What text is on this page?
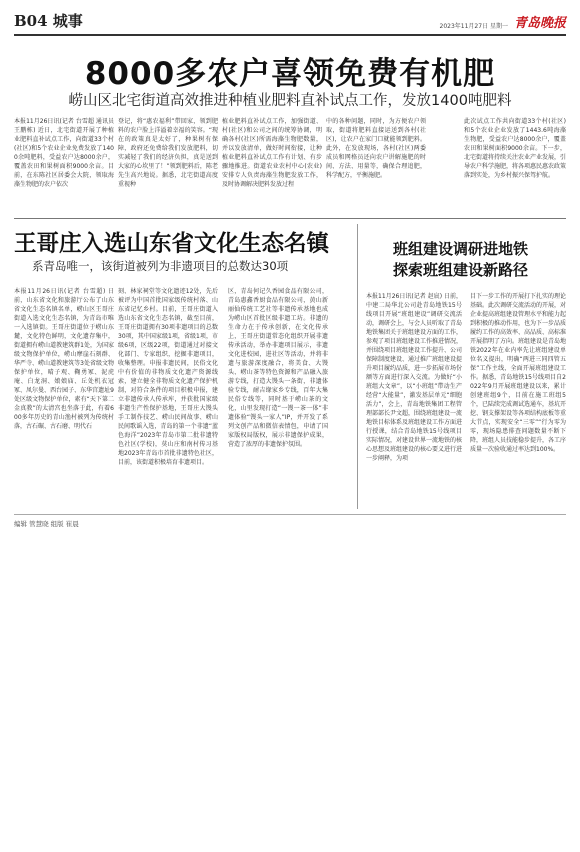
B04 城事	2023年11月27日 星期一 青岛晚报
8000多农户喜领免费有机肥
崂山区北宅街道高效推进种植业肥料直补试点工作，发放1400吨肥料
本报11月26日讯(记者 台雪超 通讯员 王鹏栋) 近日，北宅街道开展了种植业肥料直补试点工作，向街道33个村(社区)和5个农业企业免费发放了1400余吨肥料，受益农户达8000余户，覆盖农田和果树面积9000余亩。目前，在东陈社区居委会大院，领取海藻生物肥的农户依次
登记，将“惠农福利”带回家，领到肥料的农户脸上洋溢着幸福的笑容。“现在的政策真是太好了，种果树有保障，政府还免费给我们发放肥料，切实减轻了我们的经济负担，真是送到大家的心坎里了！”领到肥料后，陈老先生高兴地说。据悉，北宅街道高度重视种
植业肥料直补试点工作，加强街道、村(社区)和公司之间的统筹协调，明确各村(社区)所需海藻生物肥数量，并以发放清单，做好时间衔接，让种植业肥料直补试点工作有计划、有步骤地推进。街道农业农村中心(农业)安排专人负责海藻生物肥发放工作，及时协调解决肥料发放过程
中的各种问题，同时，为方便农户领取，街道将肥料直接运送到各村(社区)，让农户在家门口就能领到肥料。此外，在发放现场，各村(社区)两委成员和网格员还向农户讲解施肥的时间、方法、用量等，确保合理追肥，科学配方，平衡施肥。
此次试点工作共向街道33个村(社区)和5个农业企业发放了1443.6吨海藻生物肥，受益农户达8000余户，覆盖农田和果树面积9000余亩。下一步，北宅街道将持续关注农业产业发展，引导农户科学施肥，将各项惠民惠农政策落到实处，为乡村振兴保驾护航。
王哥庄入选山东省文化生态名镇
系青岛唯一，该街道被列为非遗项目的总数达30项
本报11月26日讯(记者 台雪超) 日前，山东省文化和旅游厅公布了山东省文化生态名镇名单，崂山区王哥庄街道入选文化生态名镇，为青岛市唯一入选镇街。王哥庄街道位于崂山东麓，文化特色鲜明，文化遗存集中，街道拥有崂山道教建筑群1处，为国家级文物保护单位，崂山摩崖石刻群、华严寺、崂山道教建筑等3处省级文物保护单位，晴子观、鞠勇冢、泥虎庵、白龙洞、娘娘庙、丘处机衣冠冢、凤尔曼、西台园子、东华宫遗址9处区级文物保护单位，素有“天下第二金真教”的太清宫也坐落于此，有着600多年历史的青山渔村被列为传统村落，古石碾、古石磨、明代石
刻、林家祠堂等文化遗迹12处，先后被评为中国首批国家级传统村落、山东省记忆乡村。目前，王哥庄街道入选山东省文化生态名镇，截至目前，王哥庄街道拥有30项非遗项目的总数30项，其中国家级1项，省级1项，市级6项，区级22项，街道通过对接文化部门、专家组织，挖掘非遗项目，收集整理。申报非遗民间，民俗文化中有价值的非物质文化遗产资源线索，建立健全非物质文化遗产保护机制，对符合条件的项目积极申报，建立非遗传承人传承库，并获批国家级非遗生产性保护基地，王哥庄大馒头手工制作技艺、崂山民间故事、崂山民间歌谣入选，青岛的第一个非遗“蓝色海洋”2023年青岛市第二批非遗特色社区(学校)，莫山庄和南村传习基地2023年青岛市首批非遗特色社区，目前，该街道积极培育非遗项目。
区，青岛何记久香园食品有限公司，青岛惠鑫香厨食品有限公司，黄山新丽仙传统工艺社等非遗传承基地也成为崂山区首批区级非遗工坊。非遗的生命力在于传承创新，在文化传承上，王哥庄街道常态化组织开展非遗传承活动，举办非遗项目展示，非遗文化进校园，进社区等活动，并将非遗与旅游深度融合，将美食、大馒头、崂山茶等特色资源和产品融入旅游专线，打造大馒头一条街，非遗体验专线，耐吉缘家乡专线，百年大集民俗专线等，同时基于崂山茶的文化，山里发现打造“一馒一茶一体”非遗体验“馒头一家人”IP，并开发了系列文创产品和微信表情包，申请了国家版权局版权，展示非遗保护成果，营造了浓厚的非遗保护氛围。
班组建设调研进地铁
探索班组建设新路径
本报11月26日讯(记者 赵宸) 日前，中建二局华北公司赴青岛地铁15号线项目开展“班组建设”调研交流活动，调研会上，与会人员听取了青岛地铁集团关于班组建设方面的工作，参观了项目班组建设工作推进情况，并围绕项目班组建设工作提升、公司保障制度建设、通过推广班组建设提升项目履约品质，进一步拓展市场份额等方面进行深入交流。为做好“小班组大文章”，以“小班组”带动生产经营“大能量”，激发基层单元“细胞活力”，会上，青岛地铁集团工程管理部部长尹文超，围绕班组建设一流地铁目标体系及班组建设工作方面进行授课，结合青岛地铁15号线项目实际情况，对建设世界一流地铁的核心思想及班组建设的核心要义进行进一步阐释，为项
目下一步工作的开展打下扎实的理论基础。此次调研交流活动的开展，对企业提高班组建设管理水平和能力起到积极的推动作用，也为下一步品质履约工作的高效率、高品质、高标准开展指明了方向。班组建设是青岛地铁2022年在业内率先让班组建设单位名义提出，明确“两进三同四管五保”工作主线，全面开展班组建设工作。据悉，青岛地铁15号线项目自2022年9月开展班组建设以来，累计创建班组9个，目前在施工班组5个，已陆续完成调试选通车，基坑开挖、钢支撑架设等各项结构底板等重大节点，实现安全“三零”“行为零为零，现场隐患排查问题数量不断下降，班组人员技能稳步提升，各工序质量一次验收通过率达到100%。
编辑 管慧晓 组版 崔晨
